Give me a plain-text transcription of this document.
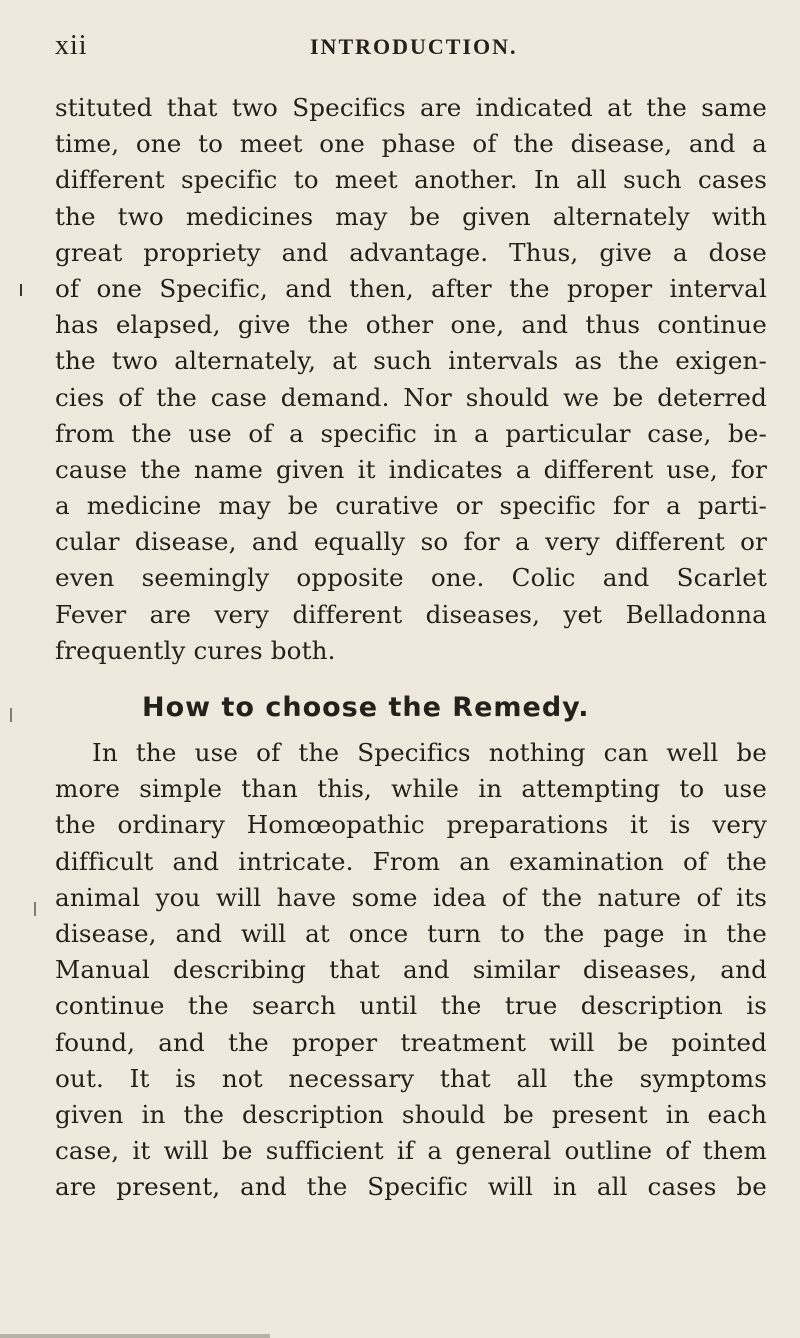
xii	INTRODUCTION.
stituted that two Specifics are indicated at the same
time, one to meet one phase of the disease, and a
different specific to meet another. In all such cases
the two medicines may be given alternately with
great propriety and advantage. Thus, give a dose
of one Specific, and then, after the proper interval
has elapsed, give the other one, and thus continue
the two alternately, at such intervals as the exigen-
cies of the case demand. Nor should we be deterred
from the use of a specific in a particular case, be-
cause the name given it indicates a different use, for
a medicine may be curative or specific for a parti-
cular disease, and equally so for a very different or
even seemingly opposite one. Colic and Scarlet
Fever are very different diseases, yet Belladonna
frequently cures both.
How to choose the Remedy.
In the use of the Specifics nothing can well be
more simple than this, while in attempting to use
the ordinary Homœopathic preparations it is very
difficult and intricate. From an examination of the
animal you will have some idea of the nature of its
disease, and will at once turn to the page in the
Manual describing that and similar diseases, and
continue the search until the true description is
found, and the proper treatment will be pointed
out. It is not necessary that all the symptoms
given in the description should be present in each
case, it will be sufficient if a general outline of them
are present, and the Specific will in all cases be
